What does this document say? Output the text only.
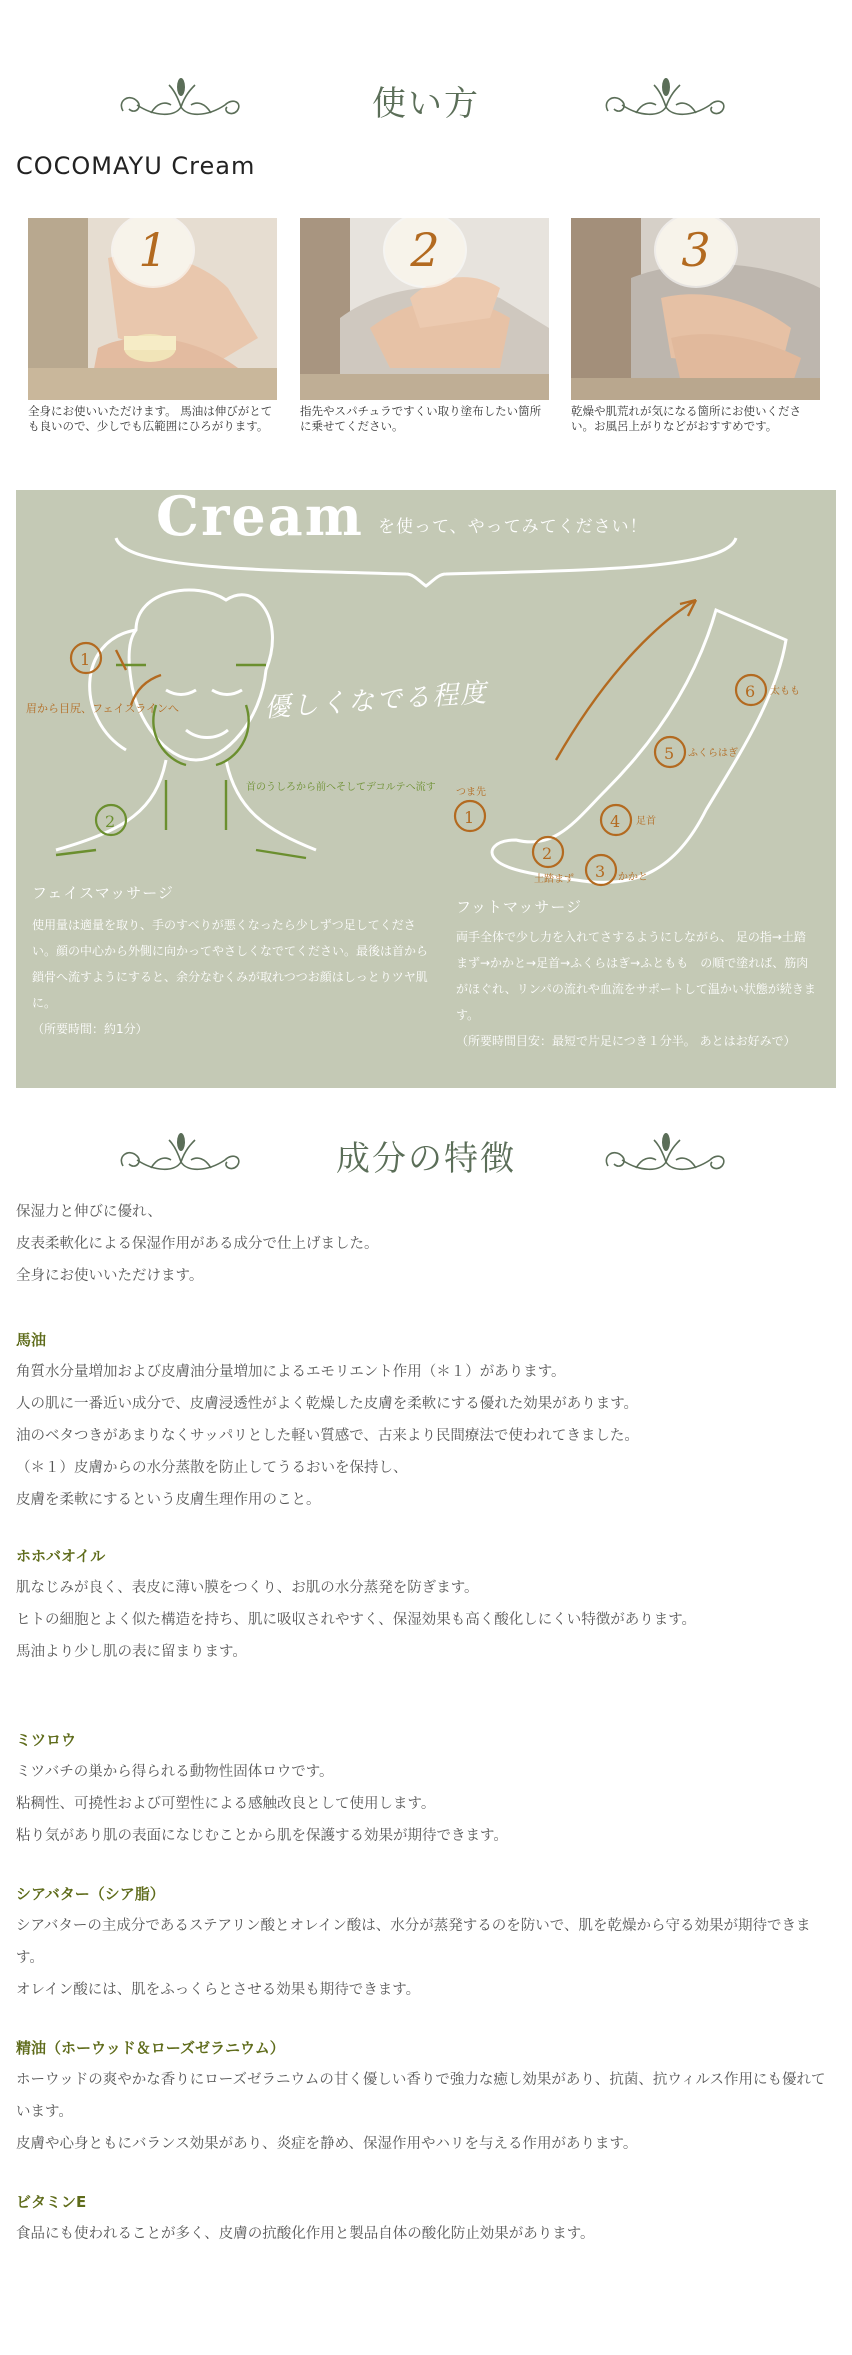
使い方
COCOMAYU Cream
1

全身にお使いいただけます。 馬油は伸びがとても良いので、少しでも広範囲にひろがります。

2

指先やスパチュラですくい取り塗布したい箇所に乗せてください。

3

乾燥や肌荒れが気になる箇所にお使いください。お風呂上がりなどがおすすめです。

Cream を使って、やってみてください！
1
2
眉から目尻、フェイスラインへ
首のうしろから前へそしてデコルテへ流す
1
2
3
4
5
6
つま先
土踏まず	かかと
足首
ふくらはぎ
太もも
優しくなでる程度
フェイスマッサージ
使用量は適量を取り、手のすべりが悪くなったら少しずつ足してください。顔の中心から外側に向かってやさしくなでてください。最後は首から鎖骨へ流すようにすると、余分なむくみが取れつつお顔はしっとりツヤ肌に。
（所要時間：約1分）
フットマッサージ
両手全体で少し力を入れてさするようにしながら、 足の指→土踏まず→かかと→足首→ふくらはぎ→ふともも　の順で塗れば、筋肉がほぐれ、リンパの流れや血流をサポートして温かい状態が続きます。
（所要時間目安：最短で片足につき１分半。 あとはお好みで）
成分の特徴
保湿力と伸びに優れ、
皮表柔軟化による保湿作用がある成分で仕上げました。
全身にお使いいただけます。
馬油

角質水分量増加および皮膚油分量増加によるエモリエント作用（＊１）があります。
人の肌に一番近い成分で、皮膚浸透性がよく乾燥した皮膚を柔軟にする優れた効果があります。
油のベタつきがあまりなくサッパリとした軽い質感で、古来より民間療法で使われてきました。
（＊１）皮膚からの水分蒸散を防止してうるおいを保持し、
皮膚を柔軟にするという皮膚生理作用のこと。

ホホバオイル

肌なじみが良く、表皮に薄い膜をつくり、お肌の水分蒸発を防ぎます。
ヒトの細胞とよく似た構造を持ち、肌に吸収されやすく、保湿効果も高く酸化しにくい特徴があります。
馬油より少し肌の表に留まります。

ミツロウ

ミツバチの巣から得られる動物性固体ロウです。
粘稠性、可撓性および可塑性による感触改良として使用します。
粘り気があり肌の表面になじむことから肌を保護する効果が期待できます。

シアバター（シア脂）

シアバターの主成分であるステアリン酸とオレイン酸は、水分が蒸発するのを防いで、肌を乾燥から守る効果が期待できます。
オレイン酸には、肌をふっくらとさせる効果も期待できます。

精油（ホーウッド＆ローズゼラニウム）

ホーウッドの爽やかな香りにローズゼラニウムの甘く優しい香りで強力な癒し効果があり、抗菌、抗ウィルス作用にも優れています。
皮膚や心身ともにバランス効果があり、炎症を静め、保湿作用やハリを与える作用があります。

ビタミンE

食品にも使われることが多く、皮膚の抗酸化作用と製品自体の酸化防止効果があります。
